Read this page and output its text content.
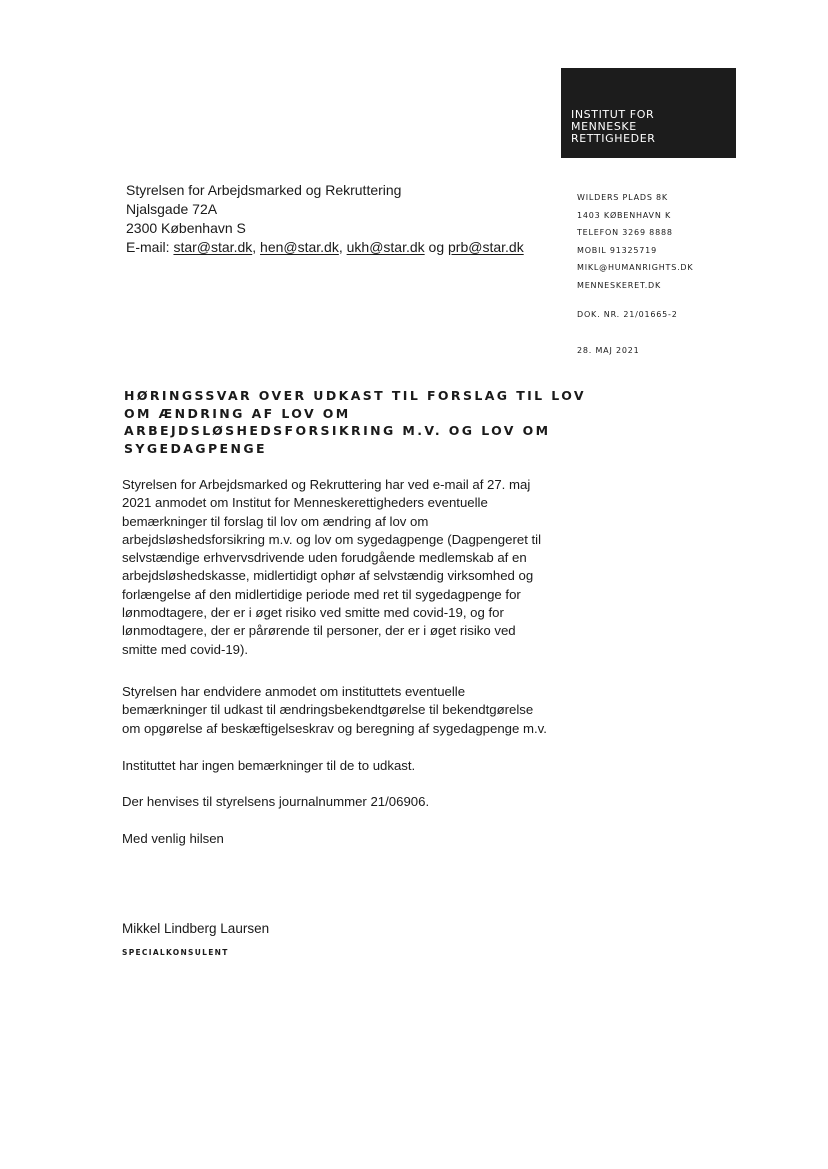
INSTITUT FOR
MENNESKE
RETTIGHEDER
Styrelsen for Arbejdsmarked og Rekruttering
Njalsgade 72A
2300 København S
E-mail: star@star.dk, hen@star.dk, ukh@star.dk og prb@star.dk
WILDERS PLADS 8K
1403 KØBENHAVN K
TELEFON 3269 8888
MOBIL 91325719
MIKL@HUMANRIGHTS.DK
MENNESKERET.DK
DOK. NR. 21/01665-2
28. MAJ 2021
HØRINGSSVAR OVER UDKAST TIL FORSLAG TIL LOV
OM ÆNDRING AF LOV OM
ARBEJDSLØSHEDSFORSIKRING M.V. OG LOV OM
SYGEDAGPENGE
Styrelsen for Arbejdsmarked og Rekruttering har ved e-mail af 27. maj
2021 anmodet om Institut for Menneskerettigheders eventuelle
bemærkninger til forslag til lov om ændring af lov om
arbejdsløshedsforsikring m.v. og lov om sygedagpenge (Dagpengeret til
selvstændige erhvervsdrivende uden forudgående medlemskab af en
arbejdsløshedskasse, midlertidigt ophør af selvstændig virksomhed og
forlængelse af den midlertidige periode med ret til sygedagpenge for
lønmodtagere, der er i øget risiko ved smitte med covid-19, og for
lønmodtagere, der er pårørende til personer, der er i øget risiko ved
smitte med covid-19).
Styrelsen har endvidere anmodet om instituttets eventuelle
bemærkninger til udkast til ændringsbekendtgørelse til bekendtgørelse
om opgørelse af beskæftigelseskrav og beregning af sygedagpenge m.v.
Instituttet har ingen bemærkninger til de to udkast.
Der henvises til styrelsens journalnummer 21/06906.
Med venlig hilsen
Mikkel Lindberg Laursen
SPECIALKONSULENT
